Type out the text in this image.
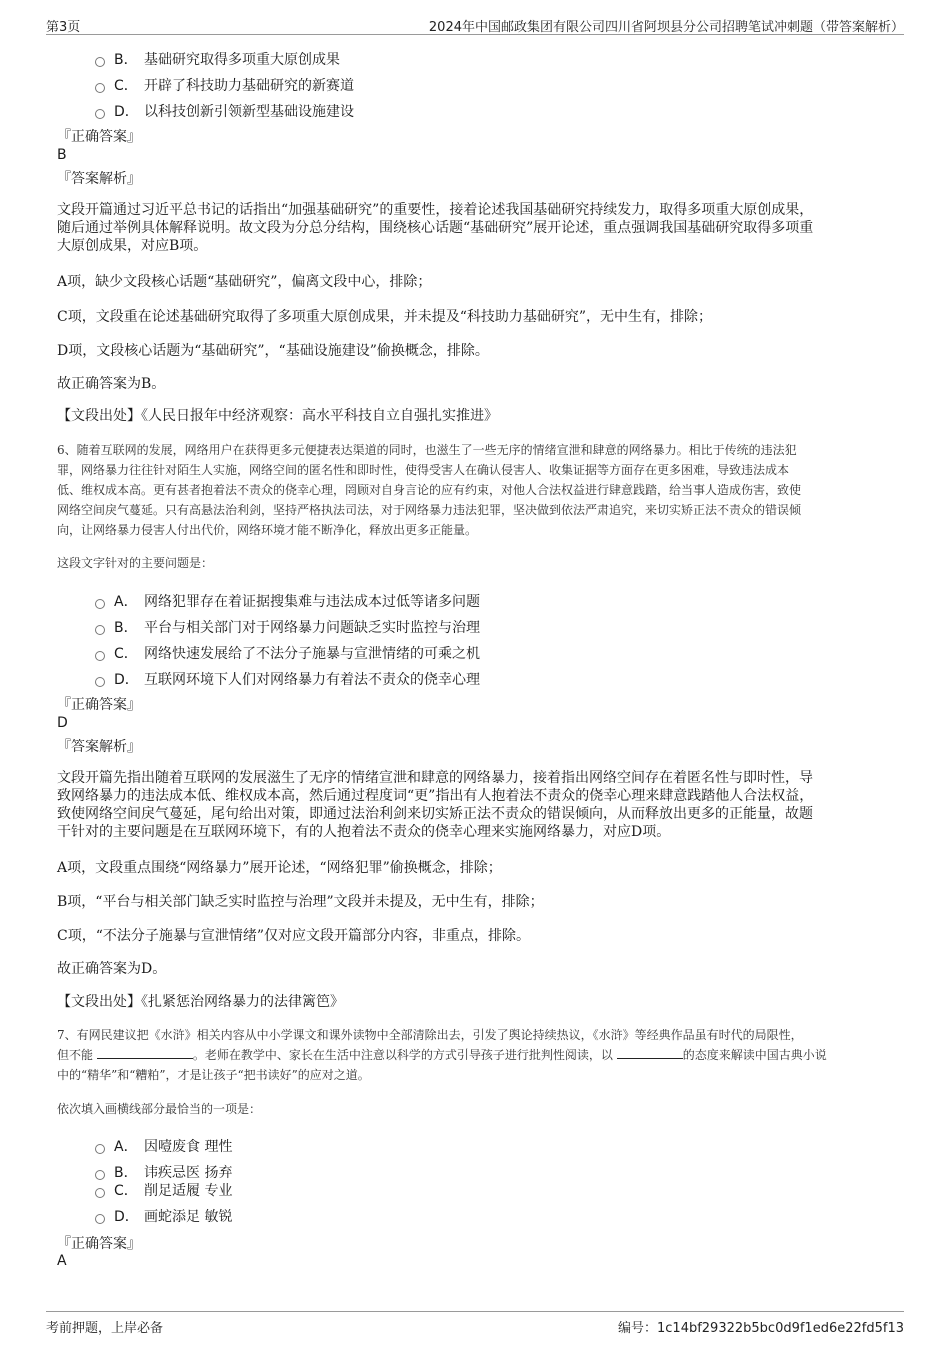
第3页	2024年中国邮政集团有限公司四川省阿坝县分公司招聘笔试冲刺题（带答案解析）
B． 基础研究取得多项重大原创成果
C． 开辟了科技助力基础研究的新赛道
D． 以科技创新引领新型基础设施建设
『正确答案』
B
『答案解析』
文段开篇通过习近平总书记的话指出“加强基础研究”的重要性，接着论述我国基础研究持续发力，取得多项重大原创成果，
随后通过举例具体解释说明。故文段为分总分结构，围绕核心话题“基础研究”展开论述，重点强调我国基础研究取得多项重
大原创成果，对应B项。
A项，缺少文段核心话题“基础研究”，偏离文段中心，排除；
C项，文段重在论述基础研究取得了多项重大原创成果，并未提及“科技助力基础研究”，无中生有，排除；
D项，文段核心话题为“基础研究”，“基础设施建设”偷换概念，排除。
故正确答案为B。
【文段出处】《人民日报年中经济观察：高水平科技自立自强扎实推进》
6、随着互联网的发展，网络用户在获得更多元便捷表达渠道的同时，也滋生了一些无序的情绪宣泄和肆意的网络暴力。相比于传统的违法犯
罪，网络暴力往往针对陌生人实施，网络空间的匿名性和即时性，使得受害人在确认侵害人、收集证据等方面存在更多困难，导致违法成本
低、维权成本高。更有甚者抱着法不责众的侥幸心理，罔顾对自身言论的应有约束，对他人合法权益进行肆意践踏，给当事人造成伤害，致使
网络空间戾气蔓延。只有高悬法治利剑，坚持严格执法司法，对于网络暴力违法犯罪，坚决做到依法严肃追究，来切实矫正法不责众的错误倾
向，让网络暴力侵害人付出代价，网络环境才能不断净化，释放出更多正能量。
这段文字针对的主要问题是：
A． 网络犯罪存在着证据搜集难与违法成本过低等诸多问题
B． 平台与相关部门对于网络暴力问题缺乏实时监控与治理
C． 网络快速发展给了不法分子施暴与宣泄情绪的可乘之机
D． 互联网环境下人们对网络暴力有着法不责众的侥幸心理
『正确答案』
D
『答案解析』
文段开篇先指出随着互联网的发展滋生了无序的情绪宣泄和肆意的网络暴力，接着指出网络空间存在着匿名性与即时性，导
致网络暴力的违法成本低、维权成本高，然后通过程度词“更”指出有人抱着法不责众的侥幸心理来肆意践踏他人合法权益，
致使网络空间戾气蔓延，尾句给出对策，即通过法治利剑来切实矫正法不责众的错误倾向，从而释放出更多的正能量，故题
干针对的主要问题是在互联网环境下，有的人抱着法不责众的侥幸心理来实施网络暴力，对应D项。
A项，文段重点围绕“网络暴力”展开论述，“网络犯罪”偷换概念，排除；
B项，“平台与相关部门缺乏实时监控与治理”文段并未提及，无中生有，排除；
C项，“不法分子施暴与宣泄情绪”仅对应文段开篇部分内容，非重点，排除。
故正确答案为D。
【文段出处】《扎紧惩治网络暴力的法律篱笆》
7、有网民建议把《水浒》相关内容从中小学课文和课外读物中全部清除出去，引发了舆论持续热议，《水浒》等经典作品虽有时代的局限性，
但不能	。老师在教学中、家长在生活中注意以科学的方式引导孩子进行批判性阅读，以	的态度来解读中国古典小说
中的“精华”和“糟粕”，才是让孩子“把书读好”的应对之道。
依次填入画横线部分最恰当的一项是：
A． 因噎废食 理性
B． 讳疾忌医 扬弃
C． 削足适履 专业
D． 画蛇添足 敏锐
『正确答案』
A
考前押题，上岸必备	编号：1c14bf29322b5bc0d9f1ed6e22fd5f13
